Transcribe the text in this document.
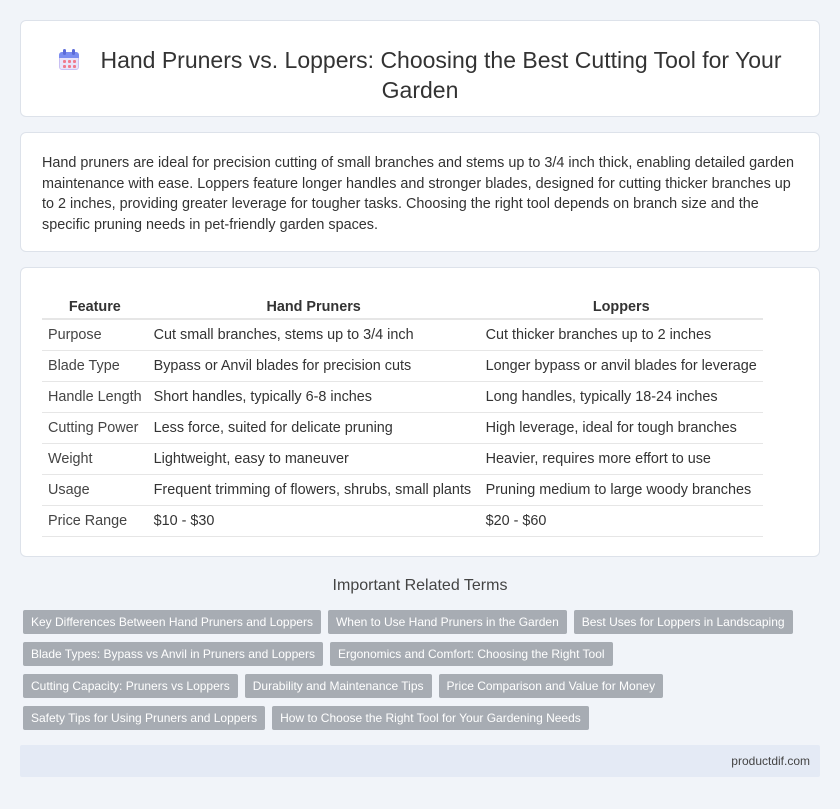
Hand Pruners vs. Loppers: Choosing the Best Cutting Tool for Your Garden

Hand pruners are ideal for precision cutting of small branches and stems up to 3/4 inch thick, enabling detailed garden maintenance with ease. Loppers feature longer handles and stronger blades, designed for cutting thicker branches up to 2 inches, providing greater leverage for tougher tasks. Choosing the right tool depends on branch size and the specific pruning needs in pet-friendly garden spaces.

Feature	Hand Pruners	Loppers
Purpose	Cut small branches, stems up to 3/4 inch	Cut thicker branches up to 2 inches
Blade Type	Bypass or Anvil blades for precision cuts	Longer bypass or anvil blades for leverage
Handle Length	Short handles, typically 6-8 inches	Long handles, typically 18-24 inches
Cutting Power	Less force, suited for delicate pruning	High leverage, ideal for tough branches
Weight	Lightweight, easy to maneuver	Heavier, requires more effort to use
Usage	Frequent trimming of flowers, shrubs, small plants	Pruning medium to large woody branches
Price Range	$10 - $30	$20 - $60
Important Related Terms
Key Differences Between Hand Pruners and Loppers	When to Use Hand Pruners in the Garden	Best Uses for Loppers in Landscaping
Blade Types: Bypass vs Anvil in Pruners and Loppers	Ergonomics and Comfort: Choosing the Right Tool
Cutting Capacity: Pruners vs Loppers	Durability and Maintenance Tips	Price Comparison and Value for Money
Safety Tips for Using Pruners and Loppers	How to Choose the Right Tool for Your Gardening Needs
productdif.com
